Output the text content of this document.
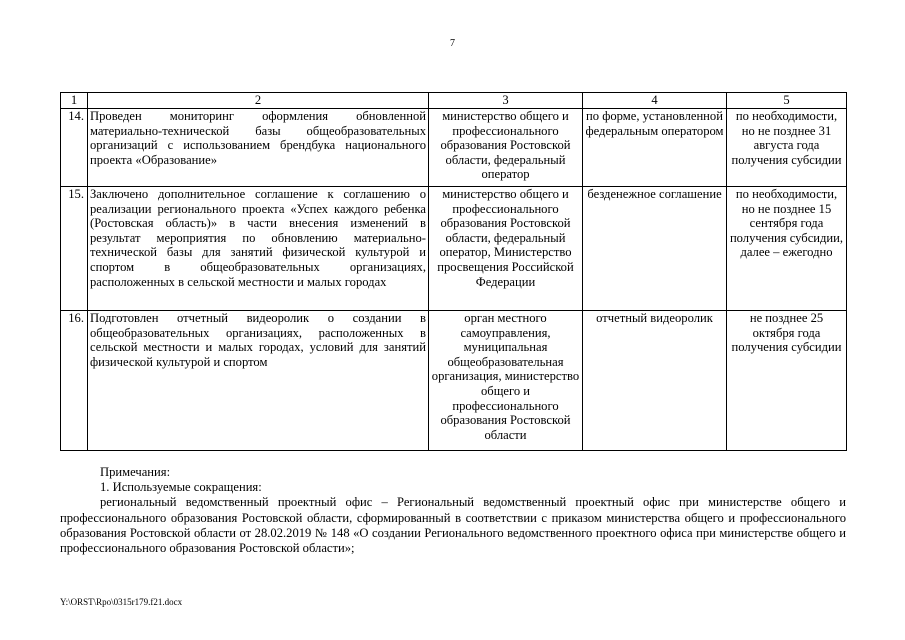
7
1	2	3	4	5
14.	Проведен мониторинг оформления обновленной материально-технической базы общеобразовательных организаций с использованием брендбука национального проекта «Образование»	министерство общего и профессионального образования Ростовской области, федеральный оператор	по форме, установленной федеральным оператором	по необходимости, но не позднее 31 августа года получения субсидии
15.	Заключено дополнительное соглашение к соглашению о реализации регионального проекта «Успех каждого ребенка (Ростовская область)» в части внесения изменений в результат мероприятия по обновлению материально-технической базы для занятий физической культурой и спортом в общеобразовательных организациях, расположенных в сельской местности и малых городах	министерство общего и профессионального образования Ростовской области, федеральный оператор, Министерство просвещения Российской Федерации	безденежное соглашение	по необходимости, но не позднее 15 сентября года получения субсидии, далее – ежегодно
16.	Подготовлен отчетный видеоролик о создании в общеобразовательных организациях, расположенных в сельской местности и малых городах, условий для занятий физической культурой и спортом	орган местного самоуправления, муниципальная общеобразовательная организация, министерство общего и профессионального образования Ростовской области	отчетный видеоролик	не позднее 25 октября года получения субсидии

Примечания:

1. Используемые сокращения:

региональный ведомственный проектный офис – Региональный ведомственный проектный офис при министерстве общего и профессионального образования Ростовской области, сформированный в соответствии с приказом министерства общего и профессионального образования Ростовской области от 28.02.2019 № 148 «О создании Регионального ведомственного проектного офиса при министерстве общего и профессионального образования Ростовской области»;

Y:\ORST\Rpo\0315r179.f21.docx
